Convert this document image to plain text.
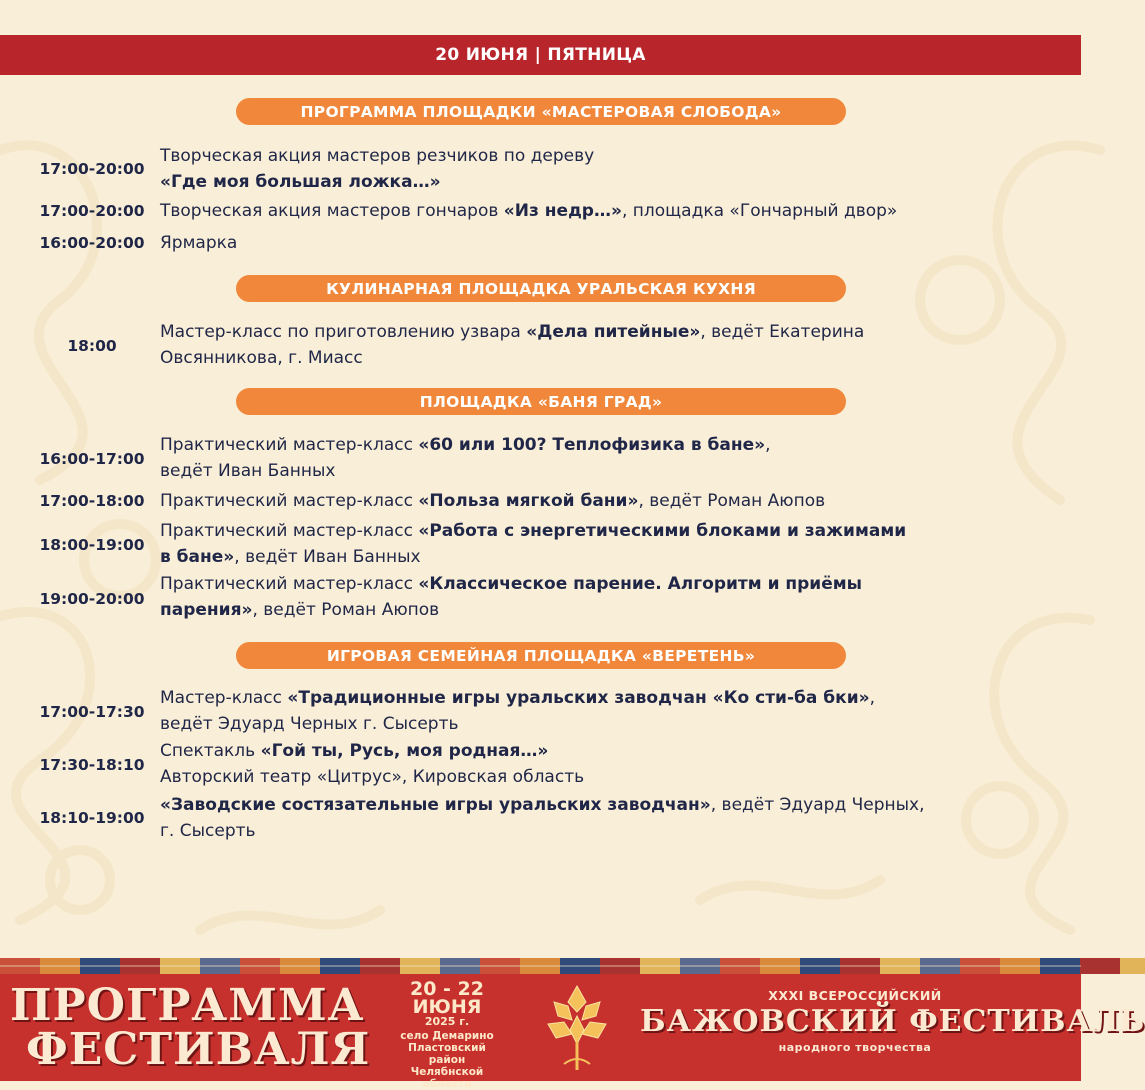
20 ИЮНЯ | ПЯТНИЦА
ПРОГРАММА ПЛОЩАДКИ «МАСТЕРОВАЯ СЛОБОДА»
17:00-20:00
Творческая акция мастеров резчиков по дереву
«Где моя большая ложка…»
17:00-20:00 Творческая акция мастеров гончаров «Из недр…», площадка «Гончарный двор»
16:00-20:00 Ярмарка
КУЛИНАРНАЯ ПЛОЩАДКА УРАЛЬСКАЯ КУХНЯ
18:00
Мастер-класс по приготовлению узвара «Дела питейные», ведёт Екатерина
Овсянникова, г. Миасс
ПЛОЩАДКА «БАНЯ ГРАД»
16:00-17:00
Практический мастер-класс «60 или 100? Теплофизика в бане»,
ведёт Иван Банных
17:00-18:00 Практический мастер-класс «Польза мягкой бани», ведёт Роман Аюпов
18:00-19:00
Практический мастер-класс «Работа с энергетическими блоками и зажимами
в бане», ведёт Иван Банных
19:00-20:00
Практический мастер-класс «Классическое парение. Алгоритм и приёмы
парения», ведёт Роман Аюпов
ИГРОВАЯ СЕМЕЙНАЯ ПЛОЩАДКА «ВЕРЕТЕНЬ»
17:00-17:30
Мастер-класс «Традиционные игры уральских заводчан «Ко сти-ба бки»,
ведёт Эдуард Черных г. Сысерть
17:30-18:10
Спектакль «Гой ты, Русь, моя родная…»
Авторский театр «Цитрус», Кировская область
18:10-19:00
«Заводские состязательные игры уральских заводчан», ведёт Эдуард Черных,
г. Сысерть
ПРОГРАММА
ФЕСТИВАЛЯ
20 - 22
ИЮНЯ
2025 г.
село Демарино
Пластовский район
Челябнской области
XXXI ВСЕРОССИЙСКИЙ
БАЖОВСКИЙ ФЕСТИВАЛЬ
народного творчества
